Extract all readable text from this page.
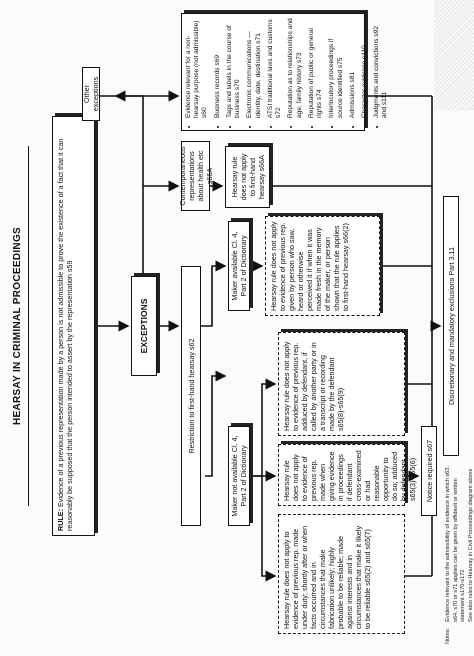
HEARSAY IN CRIMINAL PROCEEDINGS
RULE: Evidence of a previous representation made by a person is not admissible to prove the existence of a fact that it can reasonably be supposed that the person intended to assert by the representation s59	EXCEPTIONS
Restriction to first-hand hearsay s62
Maker not available Cl. 4, Part 2 of Dictionary
Maker available Cl. 4, Part 2 of Dictionary
Hearsay rule does not apply to evidence of previous rep. made under duty; shortly after or when facts occurred and in circumstances that make fabrication unlikely; highly probable to be reliable; made against interests and in circumstances that make it likely to be reliable s65(2) and s65(7)
Hearsay rule does not apply to evidence of previous rep. made when giving evidence in proceedings if defendant cross-examined or had reasonable opportunity to do so; adduced by defendant s65(3)-s65(6)
Hearsay rule does not apply to evidence of previous rep. adduced by defendant, if called by another party or in a transcript or recording made by the defendant s65(8)-s65(9)
Hearsay rule does not apply to evidence of previous rep. given by person who saw, heard or otherwise perceived it if when it was made fresh in the memory of the maker, or person shown that the rule applies to first-hand hearsay s66(2)
Notice required s67
Contemporaneous representations about health etc s66A	Hearsay rule does not apply to first-hand hearsay s66A
Other exceptions	• Evidence relevant for a non-hearsay purpose (not admissible) s60 • Business records s69 • Tags and labels in the course of business s70 • Electronic communications — identity, date, destination s71 • ATSI traditional laws and customs s72 • Reputation as to relationships and age, family history s73 • Reputation of public or general rights s74 • Interlocutory proceedings if source identified s75 • Admissions s81 • Character evidence s110 • Judgments and convictions s92 and s111
Discretionary and mandatory exclusions Part 3.11
Notes:
Evidence relevant to the admissibility of evidence in which s63, s64, s70 or s71 applies can be given by affidavit or written statement s170-s172 See also rules to Hearsay in Civil Proceedings diagram above
